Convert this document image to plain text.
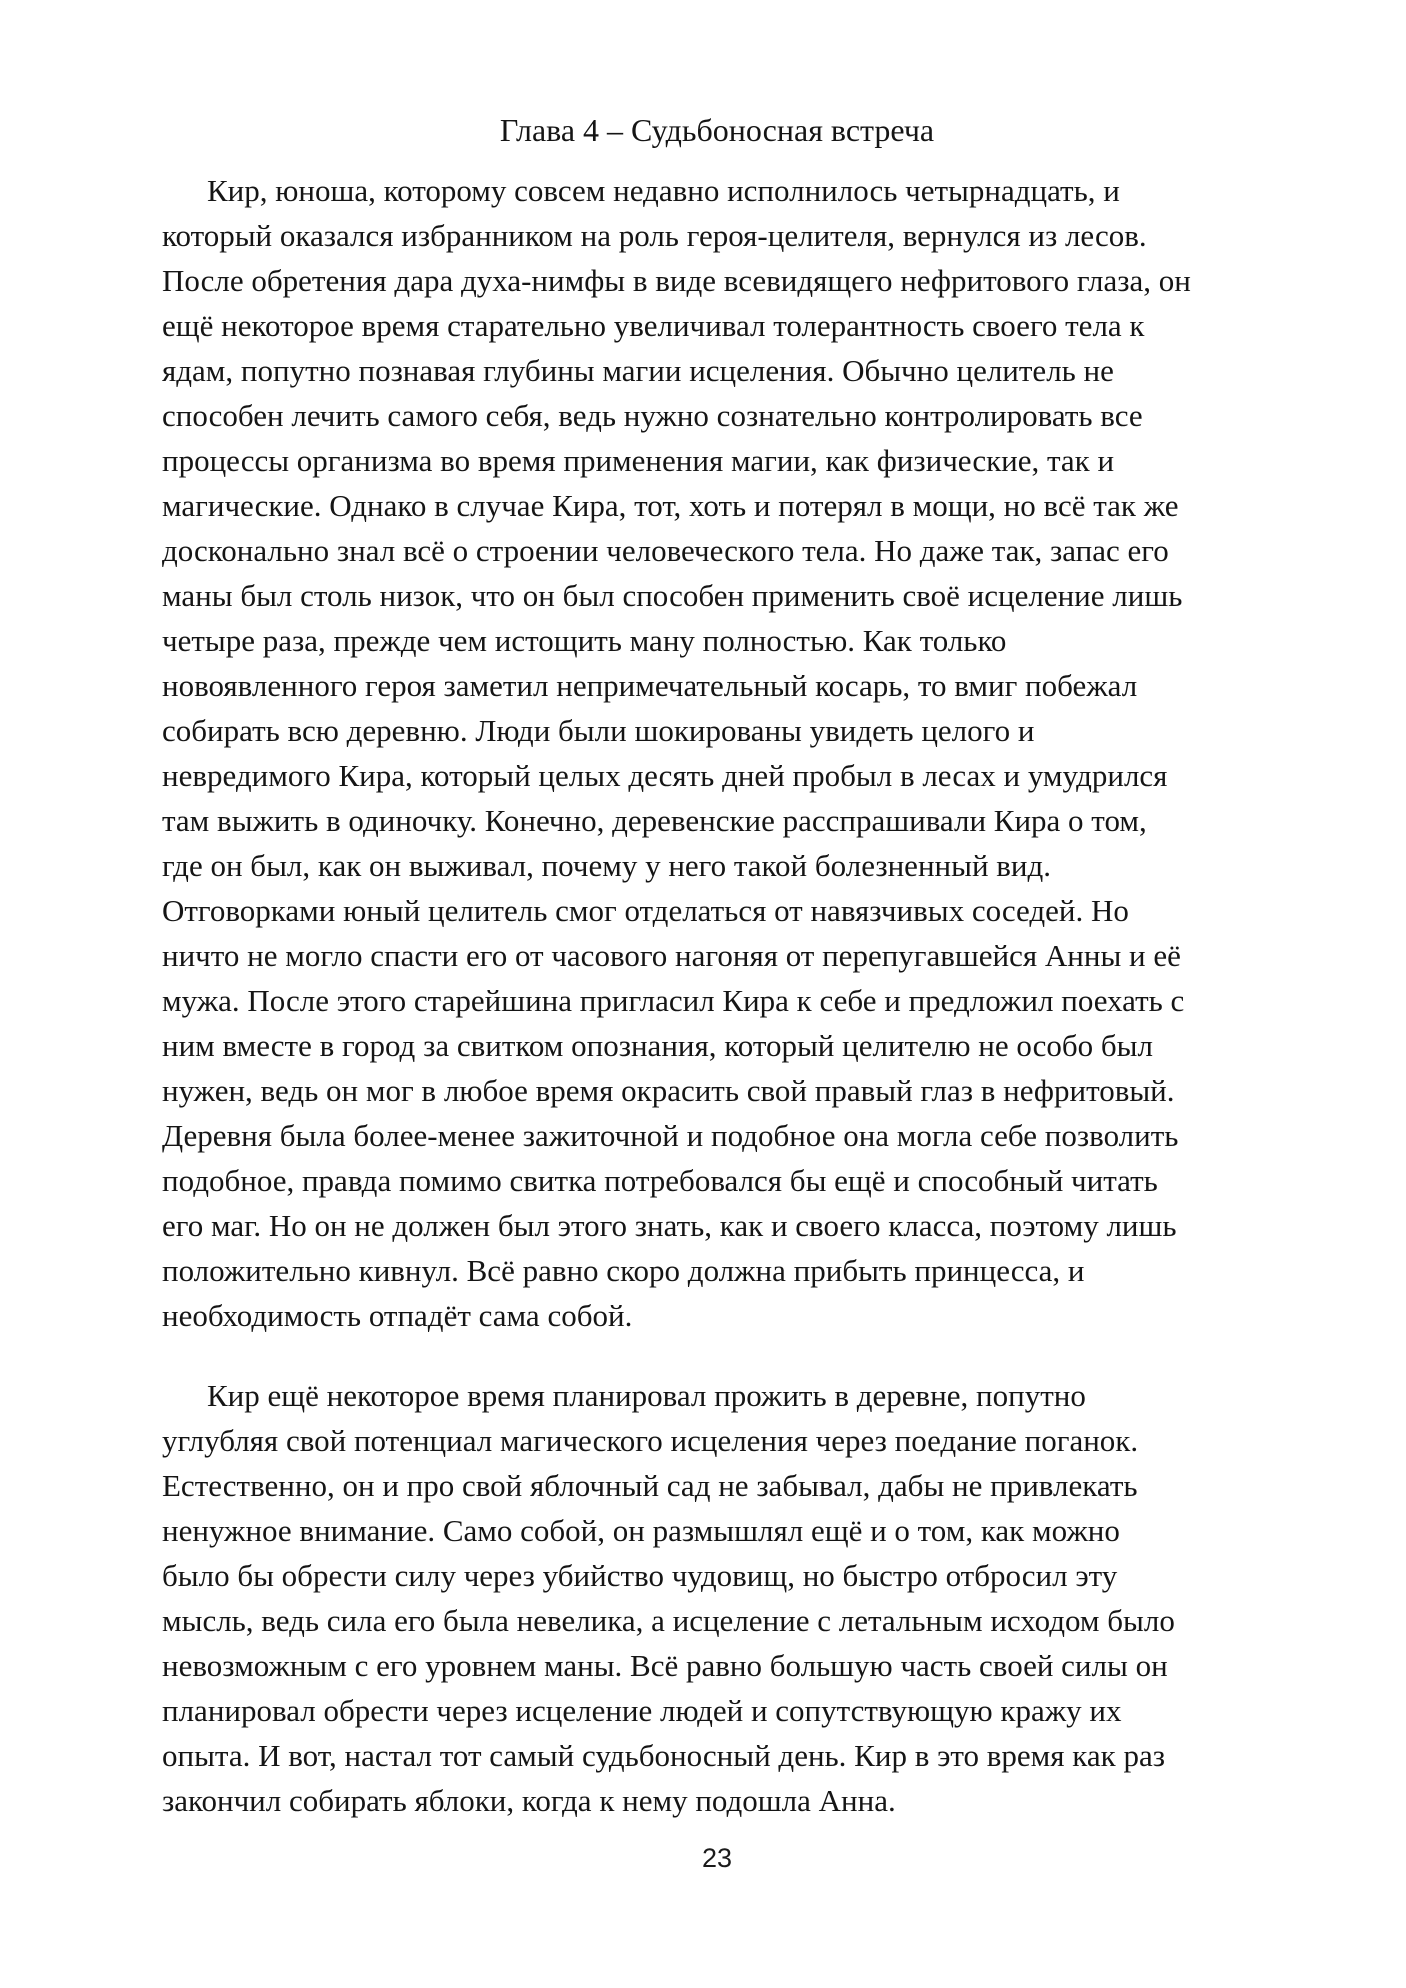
Глава 4 – Судьбоносная встреча
Кир, юноша, которому совсем недавно исполнилось четырнадцать, и
который оказался избранником на роль героя-целителя, вернулся из лесов.
После обретения дара духа-нимфы в виде всевидящего нефритового глаза, он
ещё некоторое время старательно увеличивал толерантность своего тела к
ядам, попутно познавая глубины магии исцеления. Обычно целитель не
способен лечить самого себя, ведь нужно сознательно контролировать все
процессы организма во время применения магии, как физические, так и
магические. Однако в случае Кира, тот, хоть и потерял в мощи, но всё так же
досконально знал всё о строении человеческого тела. Но даже так, запас его
маны был столь низок, что он был способен применить своё исцеление лишь
четыре раза, прежде чем истощить ману полностью. Как только
новоявленного героя заметил непримечательный косарь, то вмиг побежал
собирать всю деревню. Люди были шокированы увидеть целого и
невредимого Кира, который целых десять дней пробыл в лесах и умудрился
там выжить в одиночку. Конечно, деревенские расспрашивали Кира о том,
где он был, как он выживал, почему у него такой болезненный вид.
Отговорками юный целитель смог отделаться от навязчивых соседей. Но
ничто не могло спасти его от часового нагоняя от перепугавшейся Анны и её
мужа. После этого старейшина пригласил Кира к себе и предложил поехать с
ним вместе в город за свитком опознания, который целителю не особо был
нужен, ведь он мог в любое время окрасить свой правый глаз в нефритовый.
Деревня была более-менее зажиточной и подобное она могла себе позволить
подобное, правда помимо свитка потребовался бы ещё и способный читать
его маг. Но он не должен был этого знать, как и своего класса, поэтому лишь
положительно кивнул. Всё равно скоро должна прибыть принцесса, и
необходимость отпадёт сама собой.
Кир ещё некоторое время планировал прожить в деревне, попутно
углубляя свой потенциал магического исцеления через поедание поганок.
Естественно, он и про свой яблочный сад не забывал, дабы не привлекать
ненужное внимание. Само собой, он размышлял ещё и о том, как можно
было бы обрести силу через убийство чудовищ, но быстро отбросил эту
мысль, ведь сила его была невелика, а исцеление с летальным исходом было
невозможным с его уровнем маны. Всё равно большую часть своей силы он
планировал обрести через исцеление людей и сопутствующую кражу их
опыта. И вот, настал тот самый судьбоносный день. Кир в это время как раз
закончил собирать яблоки, когда к нему подошла Анна.
23
